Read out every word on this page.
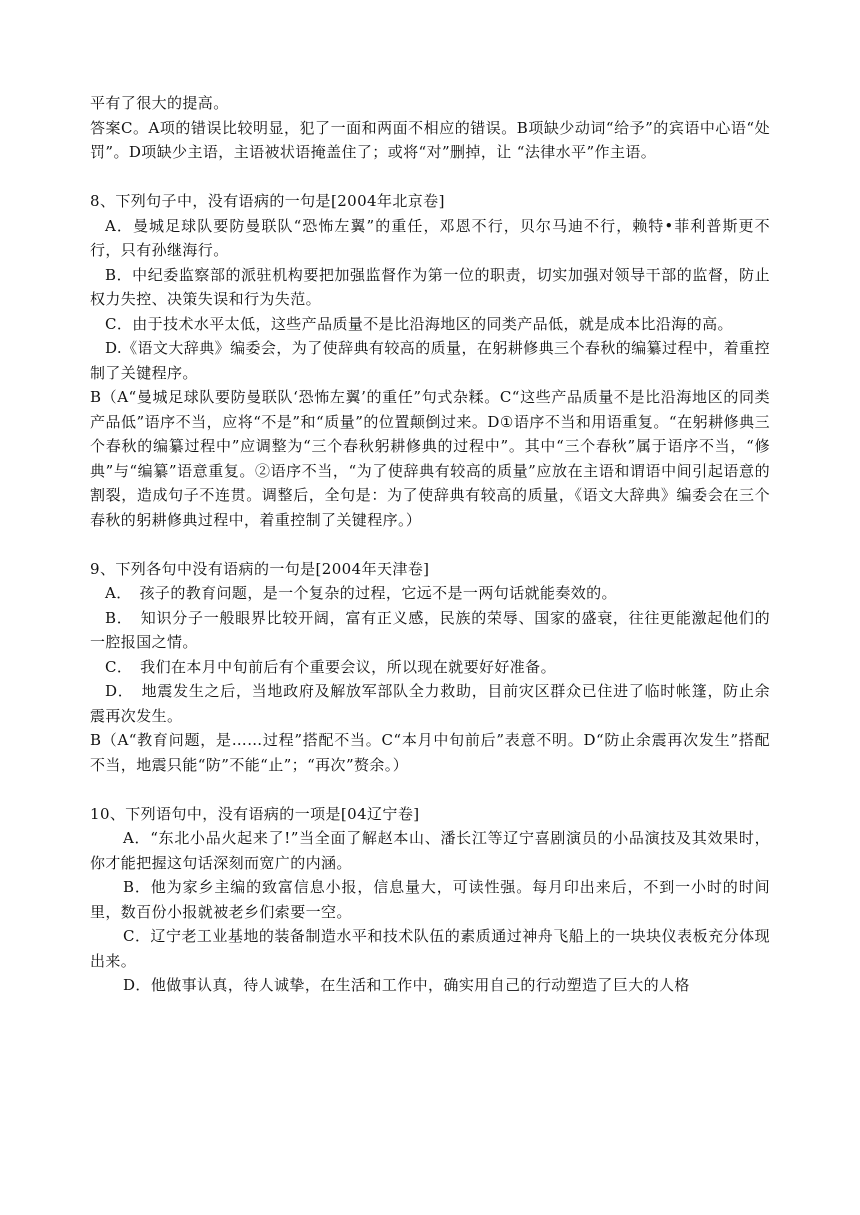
平有了很大的提高。

答案C。A项的错误比较明显，犯了一面和两面不相应的错误。B项缺少动词“给予”的宾语中心语“处罚”。D项缺少主语，主语被状语掩盖住了；或将“对”删掉，让 “法律水平”作主语。

8、下列句子中，没有语病的一句是[2004年北京卷]

A．曼城足球队要防曼联队“恐怖左翼”的重任，邓恩不行，贝尔马迪不行，赖特•菲利普斯更不行，只有孙继海行。

B．中纪委监察部的派驻机构要把加强监督作为第一位的职责，切实加强对领导干部的监督，防止权力失控、决策失误和行为失范。

C．由于技术水平太低，这些产品质量不是比沿海地区的同类产品低，就是成本比沿海的高。

D.《语文大辞典》编委会，为了使辞典有较高的质量，在躬耕修典三个春秋的编纂过程中，着重控制了关键程序。

B（A“曼城足球队要防曼联队‘恐怖左翼’的重任”句式杂糅。C“这些产品质量不是比沿海地区的同类产品低”语序不当，应将“不是”和“质量”的位置颠倒过来。D①语序不当和用语重复。“在躬耕修典三个春秋的编纂过程中”应调整为“三个春秋躬耕修典的过程中”。其中“三个春秋”属于语序不当，“修典”与“编纂”语意重复。②语序不当，“为了使辞典有较高的质量”应放在主语和谓语中间引起语意的割裂，造成句子不连贯。调整后，全句是：为了使辞典有较高的质量，《语文大辞典》编委会在三个春秋的躬耕修典过程中，着重控制了关键程序。）

9、下列各句中没有语病的一句是[2004年天津卷]

A．　孩子的教育问题，是一个复杂的过程，它远不是一两句话就能奏效的。

B．　知识分子一般眼界比较开阔，富有正义感，民族的荣辱、国家的盛衰，往往更能激起他们的一腔报国之情。

C．　我们在本月中旬前后有个重要会议，所以现在就要好好准备。

D．　地震发生之后，当地政府及解放军部队全力救助，目前灾区群众已住进了临时帐篷，防止余震再次发生。

B（A“教育问题，是……过程”搭配不当。C“本月中旬前后”表意不明。D“防止余震再次发生”搭配不当，地震只能“防”不能“止”；“再次”赘余。）

10、下列语句中，没有语病的一项是[04辽宁卷]

A．“东北小品火起来了!”当全面了解赵本山、潘长江等辽宁喜剧演员的小品演技及其效果时，你才能把握这句话深刻而宽广的内涵。

B．他为家乡主编的致富信息小报，信息量大，可读性强。每月印出来后，不到一小时的时间里，数百份小报就被老乡们索要一空。

C．辽宁老工业基地的装备制造水平和技术队伍的素质通过神舟飞船上的一块块仪表板充分体现出来。

D．他做事认真，待人诚挚，在生活和工作中，确实用自己的行动塑造了巨大的人格
